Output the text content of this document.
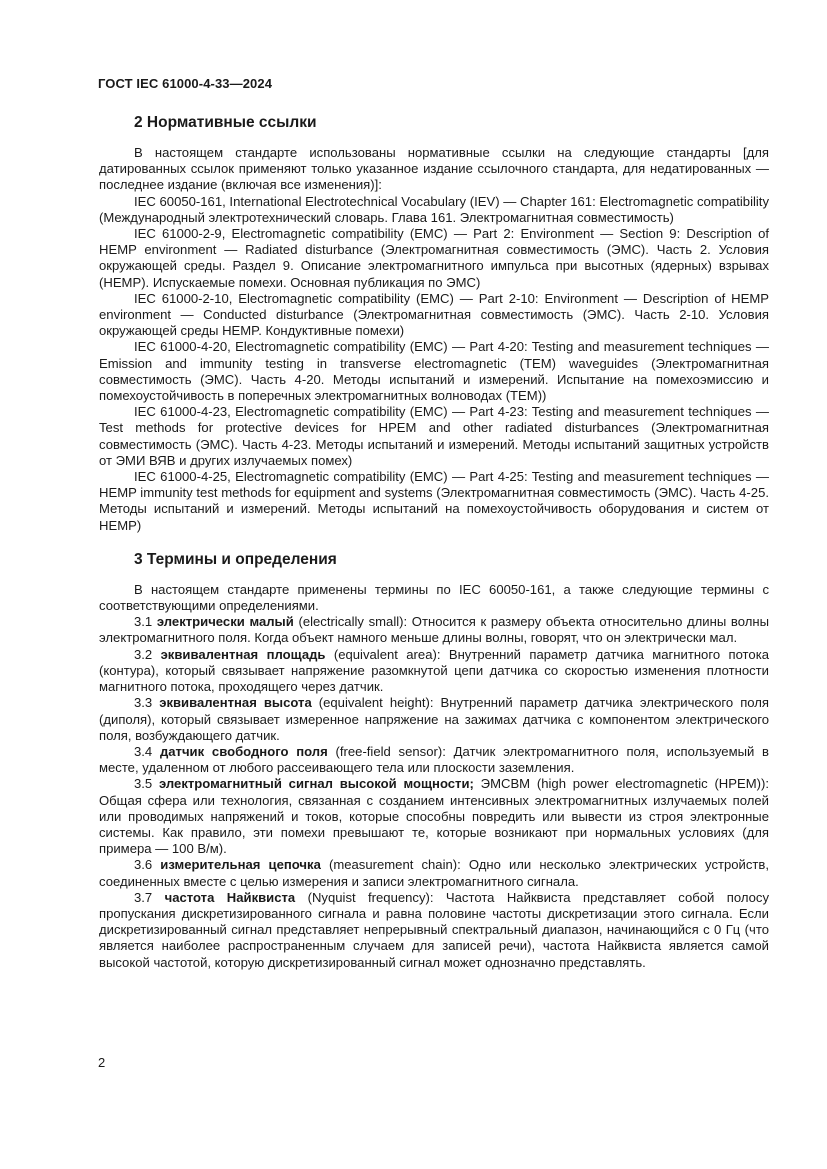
ГОСТ IEC 61000-4-33—2024
2 Нормативные ссылки

В настоящем стандарте использованы нормативные ссылки на следующие стандарты [для датированных ссылок применяют только указанное издание ссылочного стандарта, для недатированных — последнее издание (включая все изменения)]:

IEC 60050-161, International Electrotechnical Vocabulary (IEV) — Chapter 161: Electromagnetic compatibility (Международный электротехнический словарь. Глава 161. Электромагнитная совместимость)

IEC 61000-2-9, Electromagnetic compatibility (EMC) — Part 2: Environment — Section 9: Description of HEMP environment — Radiated disturbance (Электромагнитная совместимость (ЭМС). Часть 2. Условия окружающей среды. Раздел 9. Описание электромагнитного импульса при высотных (ядерных) взрывах (HEMP). Испускаемые помехи. Основная публикация по ЭМС)

IEC 61000-2-10, Electromagnetic compatibility (EMC) — Part 2-10: Environment — Description of HEMP environment — Conducted disturbance (Электромагнитная совместимость (ЭМС). Часть 2-10. Условия окружающей среды HEMP. Кондуктивные помехи)

IEC 61000-4-20, Electromagnetic compatibility (EMC) — Part 4-20: Testing and measurement techniques — Emission and immunity testing in transverse electromagnetic (TEM) waveguides (Электромагнитная совместимость (ЭМС). Часть 4-20. Методы испытаний и измерений. Испытание на помехоэмиссию и помехоустойчивость в поперечных электромагнитных волноводах (TEM))

IEC 61000-4-23, Electromagnetic compatibility (EMC) — Part 4-23: Testing and measurement techniques — Test methods for protective devices for HPEM and other radiated disturbances (Электромагнитная совместимость (ЭМС). Часть 4-23. Методы испытаний и измерений. Методы испытаний защитных устройств от ЭМИ ВЯВ и других излучаемых помех)

IEC 61000-4-25, Electromagnetic compatibility (EMC) — Part 4-25: Testing and measurement techniques — HEMP immunity test methods for equipment and systems (Электромагнитная совместимость (ЭМС). Часть 4-25. Методы испытаний и измерений. Методы испытаний на помехоустойчивость оборудования и систем от HEMP)

3 Термины и определения

В настоящем стандарте применены термины по IEC 60050-161, а также следующие термины с соответствующими определениями.

3.1 электрически малый (electrically small): Относится к размеру объекта относительно длины волны электромагнитного поля. Когда объект намного меньше длины волны, говорят, что он электрически мал.

3.2 эквивалентная площадь (equivalent area): Внутренний параметр датчика магнитного потока (контура), который связывает напряжение разомкнутой цепи датчика со скоростью изменения плотности магнитного потока, проходящего через датчик.

3.3 эквивалентная высота (equivalent height): Внутренний параметр датчика электрического поля (диполя), который связывает измеренное напряжение на зажимах датчика с компонентом электрического поля, возбуждающего датчик.

3.4 датчик свободного поля (free-field sensor): Датчик электромагнитного поля, используемый в месте, удаленном от любого рассеивающего тела или плоскости заземления.

3.5 электромагнитный сигнал высокой мощности; ЭМСВМ (high power electromagnetic (HPEM)): Общая сфера или технология, связанная с созданием интенсивных электромагнитных излучаемых полей или проводимых напряжений и токов, которые способны повредить или вывести из строя электронные системы. Как правило, эти помехи превышают те, которые возникают при нормальных условиях (для примера — 100 В/м).

3.6 измерительная цепочка (measurement chain): Одно или несколько электрических устройств, соединенных вместе с целью измерения и записи электромагнитного сигнала.

3.7 частота Найквиста (Nyquist frequency): Частота Найквиста представляет собой полосу пропускания дискретизированного сигнала и равна половине частоты дискретизации этого сигнала. Если дискретизированный сигнал представляет непрерывный спектральный диапазон, начинающийся с 0 Гц (что является наиболее распространенным случаем для записей речи), частота Найквиста является самой высокой частотой, которую дискретизированный сигнал может однозначно представлять.

2
